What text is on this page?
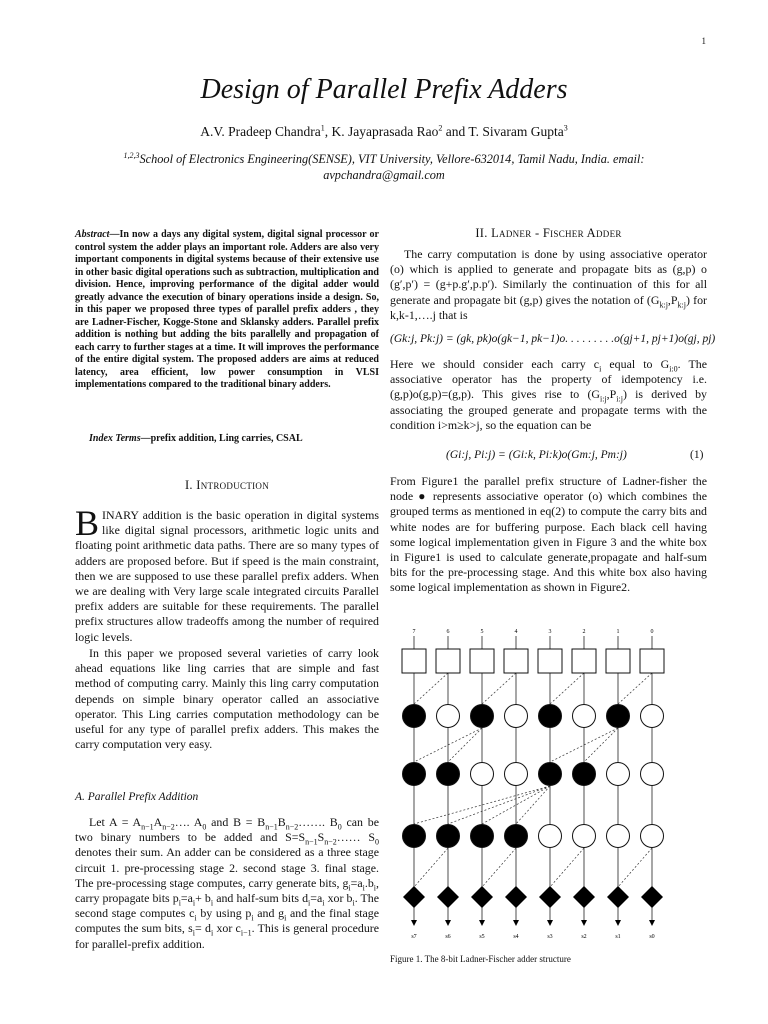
1
Design of Parallel Prefix Adders
A.V. Pradeep Chandra$^1$, K. Jayaprasada Rao$^2$ and T. Sivaram Gupta$^3$
$^{1,2,3}$School of Electronics Engineering(SENSE), VIT University, Vellore-632014, Tamil Nadu, India. email:
avpchandra@gmail.com
Abstract—In now a days any digital system, digital signal processor or control system the adder plays an important role. Adders are also very important components in digital systems because of their extensive use in other basic digital operations such as subtraction, multiplication and division. Hence, improving performance of the digital adder would greatly advance the execution of binary operations inside a design. So, in this paper we proposed three types of parallel prefix adders , they are Ladner-Fischer, Kogge-Stone and Sklansky adders. Parallel prefix addition is nothing but adding the bits parallelly and propagation of each carry to further stages at a time. It will improves the performance of the entire digital system. The proposed adders are aims at reduced latency, area efficient, low power consumption in VLSI implementations compared to the traditional binary adders.
Index Terms—prefix addition, Ling carries, CSAL
I. Introduction
BINARY addition is the basic operation in digital systems like digital signal processors, arithmetic logic units and floating point arithmetic data paths. There are so many types of adders are proposed before. But if speed is the main constraint, then we are supposed to use these parallel prefix adders. When we are dealing with Very large scale integrated circuits Parallel prefix adders are suitable for these requirements. The parallel prefix structures allow tradeoffs among the number of required logic levels.
In this paper we proposed several varieties of carry look ahead equations like ling carries that are simple and fast method of computing carry. Mainly this ling carry computation depends on simple binary operator called an associative operator. This Ling carries computation methodology can be useful for any type of parallel prefix adders. This makes the carry computation very easy.
A. Parallel Prefix Addition
Let $A = A_{n-1}A_{n-2}\dots$. $A_0$ and $B = B_{n-1}B_{n-2}\dots\dots$. $B_0$ can be two binary numbers to be added and $S=S_{n-1}S_{n-2}\dots\dots$ $S_0$ denotes their sum. An adder can be considered as a three stage circuit 1. pre-processing stage 2. second stage 3. final stage. The pre-processing stage computes, carry generate bits, $g_i=a_i.b_i$, carry propagate bits $p_i=a_i+ b_i$ and half-sum bits $d_i=a_i$ xor $b_i$. The second stage computes $c_i$ by using $p_i$ and $g_i$ and the final stage computes the sum bits, $s_i= d_i$ xor $c_{i-1}$. This is general procedure for parallel-prefix addition.
II. Ladner - Fischer Adder
The carry computation is done by using associative operator (o) which is applied to generate and propagate bits as (g,p) o (g′,p′) = (g+p.g′,p.p′). Similarly the continuation of this for all generate and propagate bit (g,p) gives the notation of $(G_{k:j},P_{k:j})$ for k,k-1,….j that is
(Gk:j, Pk:j) = (gk, pk)o(gk−1, pk−1)o. . . . . . . . .o(gj+1, pj+1)o(gj, pj)
Here we should consider each carry $c_i$ equal to $G_{i:0}$. The associative operator has the property of idempotency i.e. (g,p)o(g,p)=(g,p). This gives rise to $(G_{i:j},P_{i:j})$ is derived by associating the grouped generate and propagate terms with the condition i>m≥k>j, so the equation can be
(Gi:j, Pi:j) = (Gi:k, Pi:k)o(Gm:j, Pm:j)	(1)
From Figure1 the parallel prefix structure of Ladner-fisher the node ● represents associative operator (o) which combines the grouped terms as mentioned in eq(2) to compute the carry bits and white nodes are for buffering purpose. Each black cell having some logical implementation given in Figure 3 and the white box in Figure1 is used to calculate generate,propagate and half-sum bits for the pre-processing stage. And this white box also having some logical implementation as shown in Figure2.
7	6	5	4	3	2	1	0
s7	s6	s5	s4	s3	s2	s1	s0
Figure 1. The 8-bit Ladner-Fischer adder structure
